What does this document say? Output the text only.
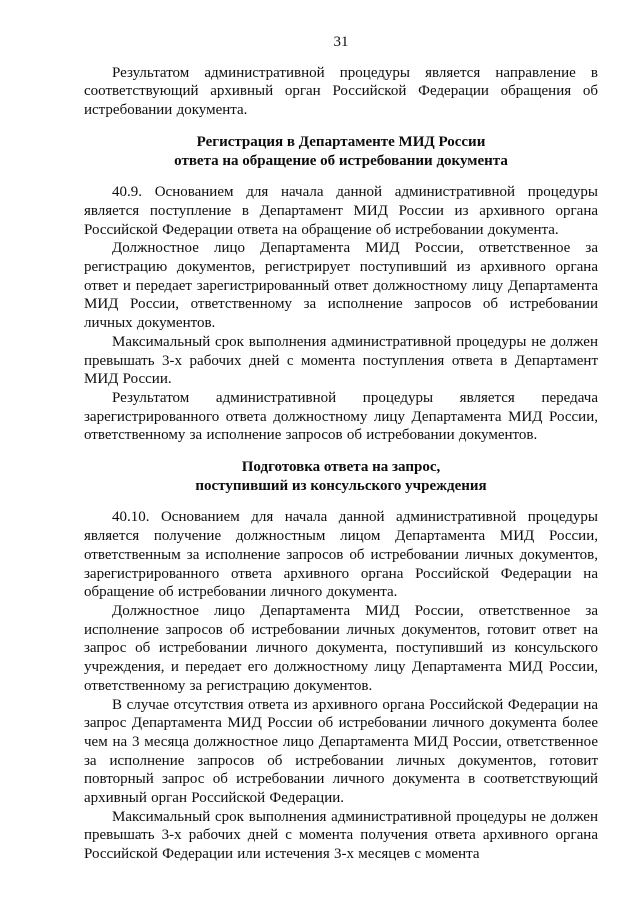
31

Результатом административной процедуры является направление в соответствующий архивный орган Российской Федерации обращения об истребовании документа.

Регистрация в Департаменте МИД России
ответа на обращение об истребовании документа

40.9. Основанием для начала данной административной процедуры является поступление в Департамент МИД России из архивного органа Российской Федерации ответа на обращение об истребовании документа.

Должностное лицо Департамента МИД России, ответственное за регистрацию документов, регистрирует поступивший из архивного органа ответ и передает зарегистрированный ответ должностному лицу Департамента МИД России, ответственному за исполнение запросов об истребовании личных документов.

Максимальный срок выполнения административной процедуры не должен превышать 3-х рабочих дней с момента поступления ответа в Департамент МИД России.

Результатом административной процедуры является передача зарегистрированного ответа должностному лицу Департамента МИД России, ответственному за исполнение запросов об истребовании документов.

Подготовка ответа на запрос,
поступивший из консульского учреждения

40.10. Основанием для начала данной административной процедуры является получение должностным лицом Департамента МИД России, ответственным за исполнение запросов об истребовании личных документов, зарегистрированного ответа архивного органа Российской Федерации на обращение об истребовании личного документа.

Должностное лицо Департамента МИД России, ответственное за исполнение запросов об истребовании личных документов, готовит ответ на запрос об истребовании личного документа, поступивший из консульского учреждения, и передает его должностному лицу Департамента МИД России, ответственному за регистрацию документов.

В случае отсутствия ответа из архивного органа Российской Федерации на запрос Департамента МИД России об истребовании личного документа более чем на 3 месяца должностное лицо Департамента МИД России, ответственное за исполнение запросов об истребовании личных документов, готовит повторный запрос об истребовании личного документа в соответствующий архивный орган Российской Федерации.

Максимальный срок выполнения административной процедуры не должен превышать 3-х рабочих дней с момента получения ответа архивного органа Российской Федерации или истечения 3-х месяцев с момента
